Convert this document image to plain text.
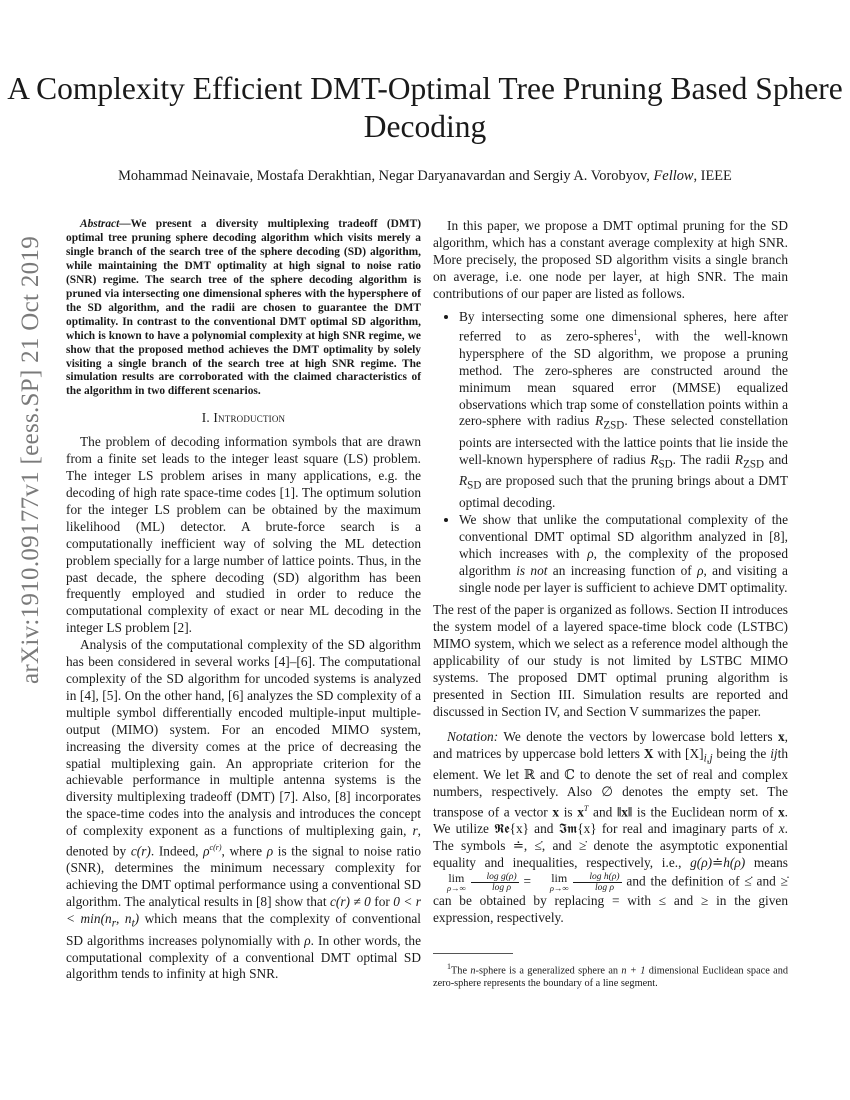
arXiv:1910.09177v1 [eess.SP] 21 Oct 2019
A Complexity Efficient DMT-Optimal Tree Pruning Based Sphere Decoding
Mohammad Neinavaie, Mostafa Derakhtian, Negar Daryanavardan and Sergiy A. Vorobyov, Fellow, IEEE

Abstract—We present a diversity multiplexing tradeoff (DMT) optimal tree pruning sphere decoding algorithm which visits merely a single branch of the search tree of the sphere decoding (SD) algorithm, while maintaining the DMT optimality at high signal to noise ratio (SNR) regime. The search tree of the sphere decoding algorithm is pruned via intersecting one dimensional spheres with the hypersphere of the SD algorithm, and the radii are chosen to guarantee the DMT optimality. In contrast to the conventional DMT optimal SD algorithm, which is known to have a polynomial complexity at high SNR regime, we show that the proposed method achieves the DMT optimality by solely visiting a single branch of the search tree at high SNR regime. The simulation results are corroborated with the claimed characteristics of the algorithm in two different scenarios.

I. Introduction

The problem of decoding information symbols that are drawn from a finite set leads to the integer least square (LS) problem. The integer LS problem arises in many applications, e.g. the decoding of high rate space-time codes [1]. The optimum solution for the integer LS problem can be obtained by the maximum likelihood (ML) detector. A brute-force search is a computationally inefficient way of solving the ML detection problem specially for a large number of lattice points. Thus, in the past decade, the sphere decoding (SD) algorithm has been frequently employed and studied in order to reduce the computational complexity of exact or near ML decoding in the integer LS problem [2].

Analysis of the computational complexity of the SD algorithm has been considered in several works [4]–[6]. The computational complexity of the SD algorithm for uncoded systems is analyzed in [4], [5]. On the other hand, [6] analyzes the SD complexity of a multiple symbol differentially encoded multiple-input multiple-output (MIMO) system. For an encoded MIMO system, increasing the diversity comes at the price of decreasing the spatial multiplexing gain. An appropriate criterion for the achievable performance in multiple antenna systems is the diversity multiplexing tradeoff (DMT) [7]. Also, [8] incorporates the space-time codes into the analysis and introduces the concept of complexity exponent as a functions of multiplexing gain, r, denoted by c(r). Indeed, $\rho^{c(r)}$, where ρ is the signal to noise ratio (SNR), determines the minimum necessary complexity for achieving the DMT optimal performance using a conventional SD algorithm. The analytical results in [8] show that c(r) ≠ 0 for $0 < r < \min(n_r$, $n_t$) which means that the complexity of conventional SD algorithms increases polynomially with ρ. In other words, the computational complexity of a conventional DMT optimal SD algorithm tends to infinity at high SNR.

In this paper, we propose a DMT optimal pruning for the SD algorithm, which has a constant average complexity at high SNR. More precisely, the proposed SD algorithm visits a single branch on average, i.e. one node per layer, at high SNR. The main contributions of our paper are listed as follows.

• By intersecting some one dimensional spheres, here after referred to as zero-spheres$^1$, with the well-known hypersphere of the SD algorithm, we propose a pruning method. The zero-spheres are constructed around the minimum mean squared error (MMSE) equalized observations which trap some of constellation points within a zero-sphere with radius $R_{ZSD}$. These selected constellation points are intersected with the lattice points that lie inside the well-known hypersphere of radius $R_{SD}$. The radii $R_{ZSD}$ and $R_{SD}$ are proposed such that the pruning brings about a DMT optimal decoding.
• We show that unlike the computational complexity of the conventional DMT optimal SD algorithm analyzed in [8], which increases with ρ, the complexity of the proposed algorithm is not an increasing function of ρ, and visiting a single node per layer is sufficient to achieve DMT optimality.

The rest of the paper is organized as follows. Section II introduces the system model of a layered space-time block code (LSTBC) MIMO system, which we select as a reference model although the applicability of our study is not limited by LSTBC MIMO systems. The proposed DMT optimal pruning algorithm is presented in Section III. Simulation results are reported and discussed in Section IV, and Section V summarizes the paper.

Notation: We denote the vectors by lowercase bold letters x, and matrices by uppercase bold letters X with $[X]_{i,j}$ being the ijth element. We let ℝ and ℂ to denote the set of real and complex numbers, respectively. Also ∅ denotes the empty set. The transpose of a vector x is $x^T$ and ‖x‖ is the Euclidean norm of x. We utilize 𝕽𝖊{x} and 𝕴𝖒{x} for real and imaginary parts of x. The symbols ≐, ≤̇, and ≥̇ denote the asymptotic exponential equality and inequalities, respectively, i.e., g(ρ)≐h(ρ) means lim
ρ→∞
$\frac{\text{log g(ρ)}}{\text{log ρ}} = \lim$
ρ→∞
$\frac{\text{log h(ρ)}}{\text{log ρ}}$ and the definition of ≤̇ and ≥̇ can be obtained by replacing = with ≤ and ≥ in the given expression, respectively.

$^1$The n-sphere is a generalized sphere an n + 1 dimensional Euclidean space and zero-sphere represents the boundary of a line segment.
